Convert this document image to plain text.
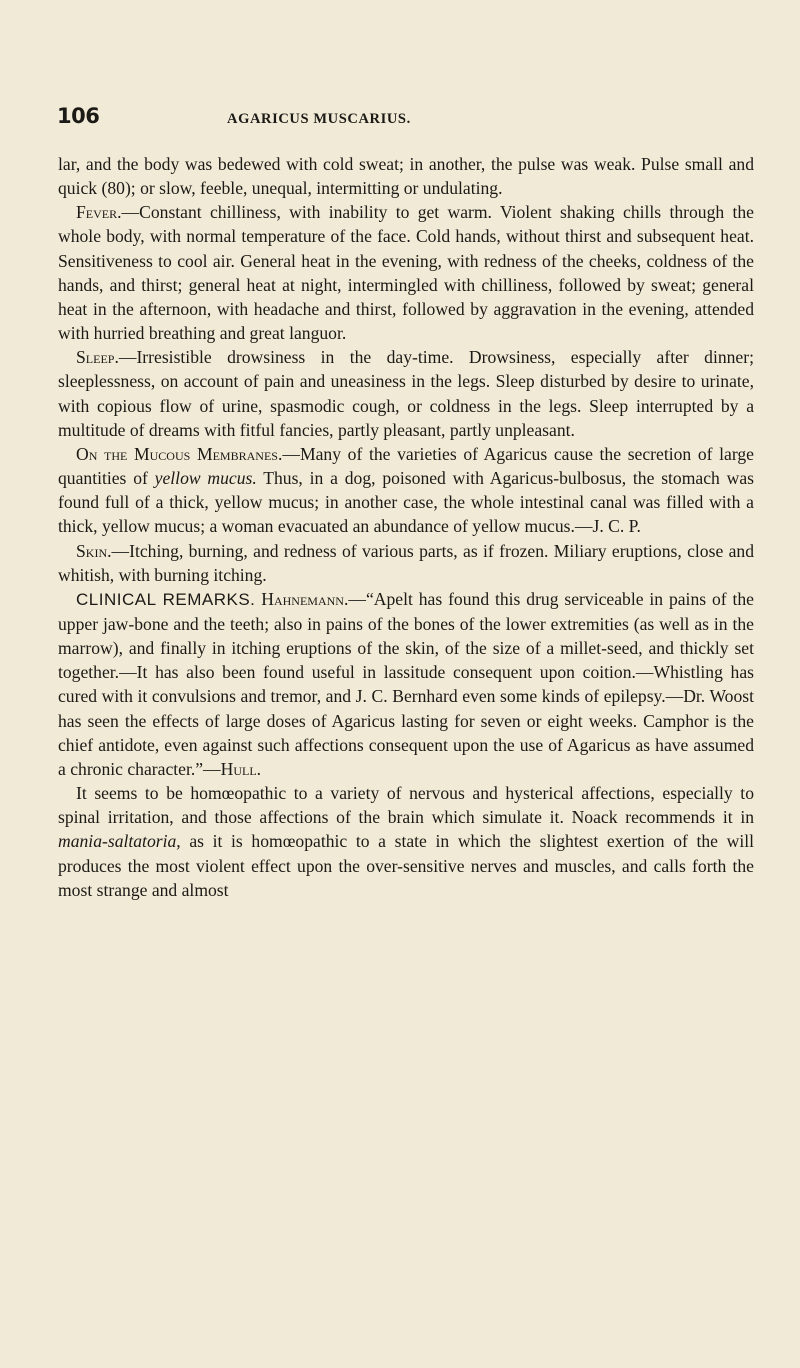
106	AGARICUS MUSCARIUS.

lar, and the body was bedewed with cold sweat; in another, the pulse was weak. Pulse small and quick (80); or slow, feeble, unequal, intermitting or undulating.

Fever.—Constant chilliness, with inability to get warm. Violent shaking chills through the whole body, with normal temperature of the face. Cold hands, without thirst and subsequent heat. Sensitiveness to cool air. General heat in the evening, with redness of the cheeks, coldness of the hands, and thirst; general heat at night, intermingled with chilliness, followed by sweat; general heat in the afternoon, with headache and thirst, followed by aggravation in the evening, attended with hurried breathing and great languor.

Sleep.—Irresistible drowsiness in the day-time. Drowsiness, especially after dinner; sleeplessness, on account of pain and uneasiness in the legs. Sleep disturbed by desire to urinate, with copious flow of urine, spasmodic cough, or coldness in the legs. Sleep interrupted by a multitude of dreams with fitful fancies, partly pleasant, partly unpleasant.

On the Mucous Membranes.—Many of the varieties of Agaricus cause the secretion of large quantities of yellow mucus. Thus, in a dog, poisoned with Agaricus-bulbosus, the stomach was found full of a thick, yellow mucus; in another case, the whole intestinal canal was filled with a thick, yellow mucus; a woman evacuated an abundance of yellow mucus.—J. C. P.

Skin.—Itching, burning, and redness of various parts, as if frozen. Miliary eruptions, close and whitish, with burning itching.

CLINICAL REMARKS. Hahnemann.—“Apelt has found this drug serviceable in pains of the upper jaw-bone and the teeth; also in pains of the bones of the lower extremities (as well as in the marrow), and finally in itching eruptions of the skin, of the size of a millet-seed, and thickly set together.—It has also been found useful in lassitude consequent upon coition.—Whistling has cured with it convulsions and tremor, and J. C. Bernhard even some kinds of epilepsy.—Dr. Woost has seen the effects of large doses of Agaricus lasting for seven or eight weeks. Camphor is the chief antidote, even against such affections consequent upon the use of Agaricus as have assumed a chronic character.”—Hull.

It seems to be homœopathic to a variety of nervous and hysterical affections, especially to spinal irritation, and those affections of the brain which simulate it. Noack recommends it in mania-saltatoria, as it is homœopathic to a state in which the slightest exertion of the will produces the most violent effect upon the over-sensitive nerves and muscles, and calls forth the most strange and almost
